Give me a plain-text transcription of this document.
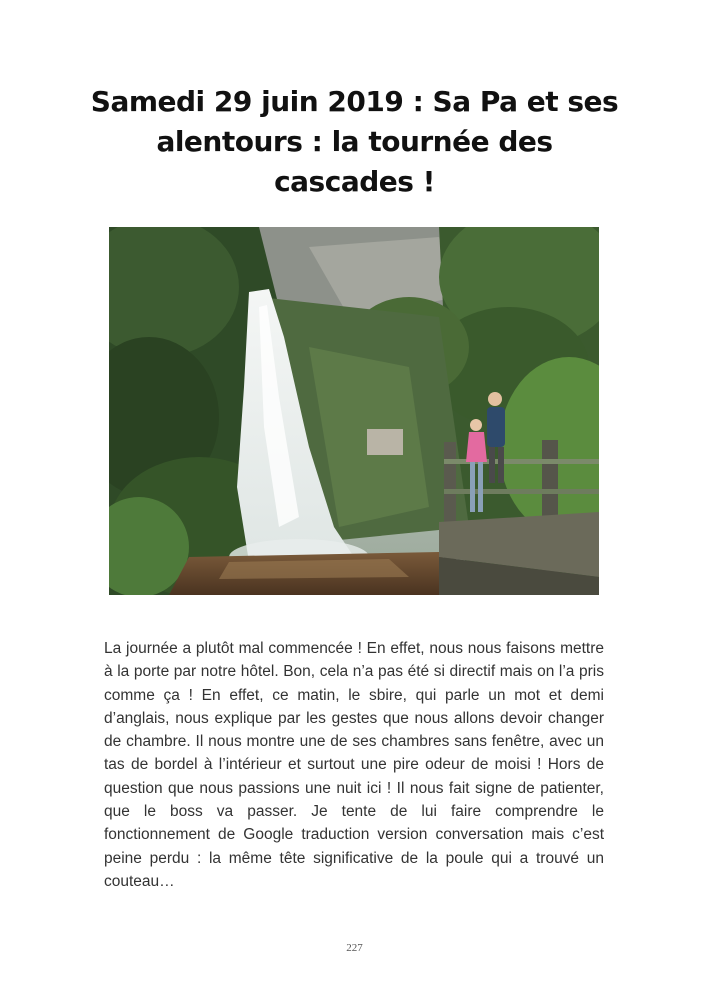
Samedi 29 juin 2019 : Sa Pa et ses alentours : la tournée des cascades !

La journée a plutôt mal commencée ! En effet, nous nous faisons mettre à la porte par notre hôtel. Bon, cela n’a pas été si directif mais on l’a pris comme ça ! En effet, ce matin, le sbire, qui parle un mot et demi d’anglais, nous explique par les gestes que nous allons devoir changer de chambre. Il nous montre une de ses chambres sans fenêtre, avec un tas de bordel à l’intérieur et surtout une pire odeur de moisi ! Hors de question que nous passions une nuit ici ! Il nous fait signe de patienter, que le boss va passer. Je tente de lui faire comprendre le fonctionnement de Google traduction version conversation mais c’est peine perdu : la même tête significative de la poule qui a trouvé un couteau…

227
